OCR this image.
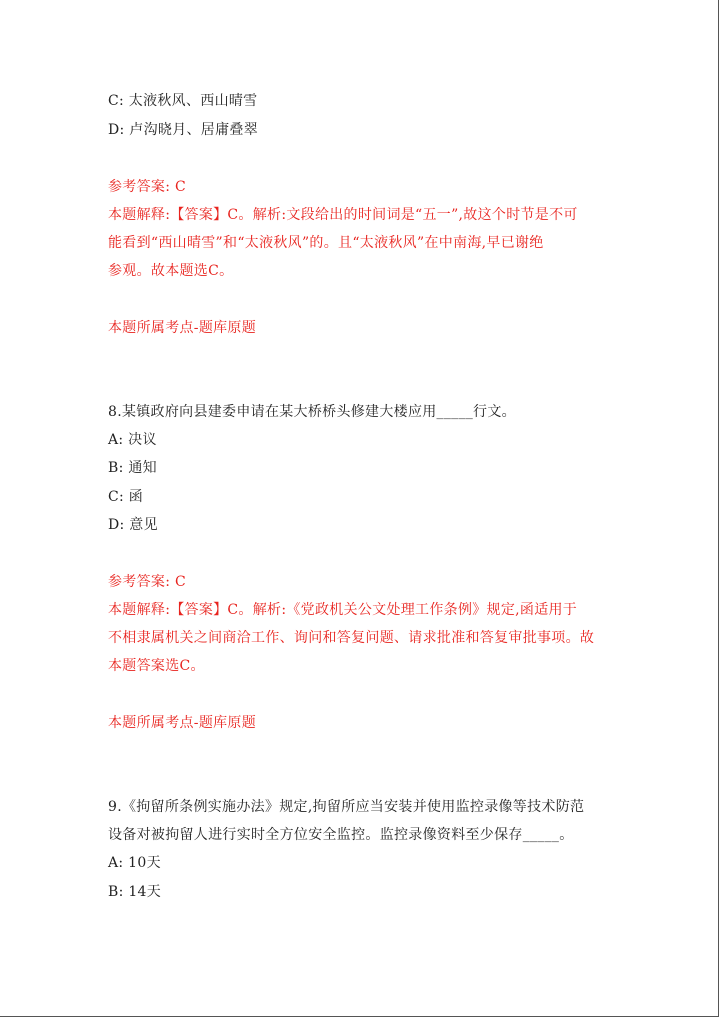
C: 太液秋风、西山晴雪
D: 卢沟晓月、居庸叠翠
参考答案: C
本题解释:【答案】C。解析:文段给出的时间词是“五一”,故这个时节是不可
能看到“西山晴雪”和“太液秋风”的。且“太液秋风”在中南海,早已谢绝
参观。故本题选C。
本题所属考点-题库原题
8.某镇政府向县建委申请在某大桥桥头修建大楼应用_____行文。
A: 决议
B: 通知
C: 函
D: 意见
参考答案: C
本题解释:【答案】C。解析:《党政机关公文处理工作条例》规定,函适用于
不相隶属机关之间商洽工作、询问和答复问题、请求批准和答复审批事项。故
本题答案选C。
本题所属考点-题库原题
9.《拘留所条例实施办法》规定,拘留所应当安装并使用监控录像等技术防范
设备对被拘留人进行实时全方位安全监控。监控录像资料至少保存_____。
A: 10天
B: 14天
